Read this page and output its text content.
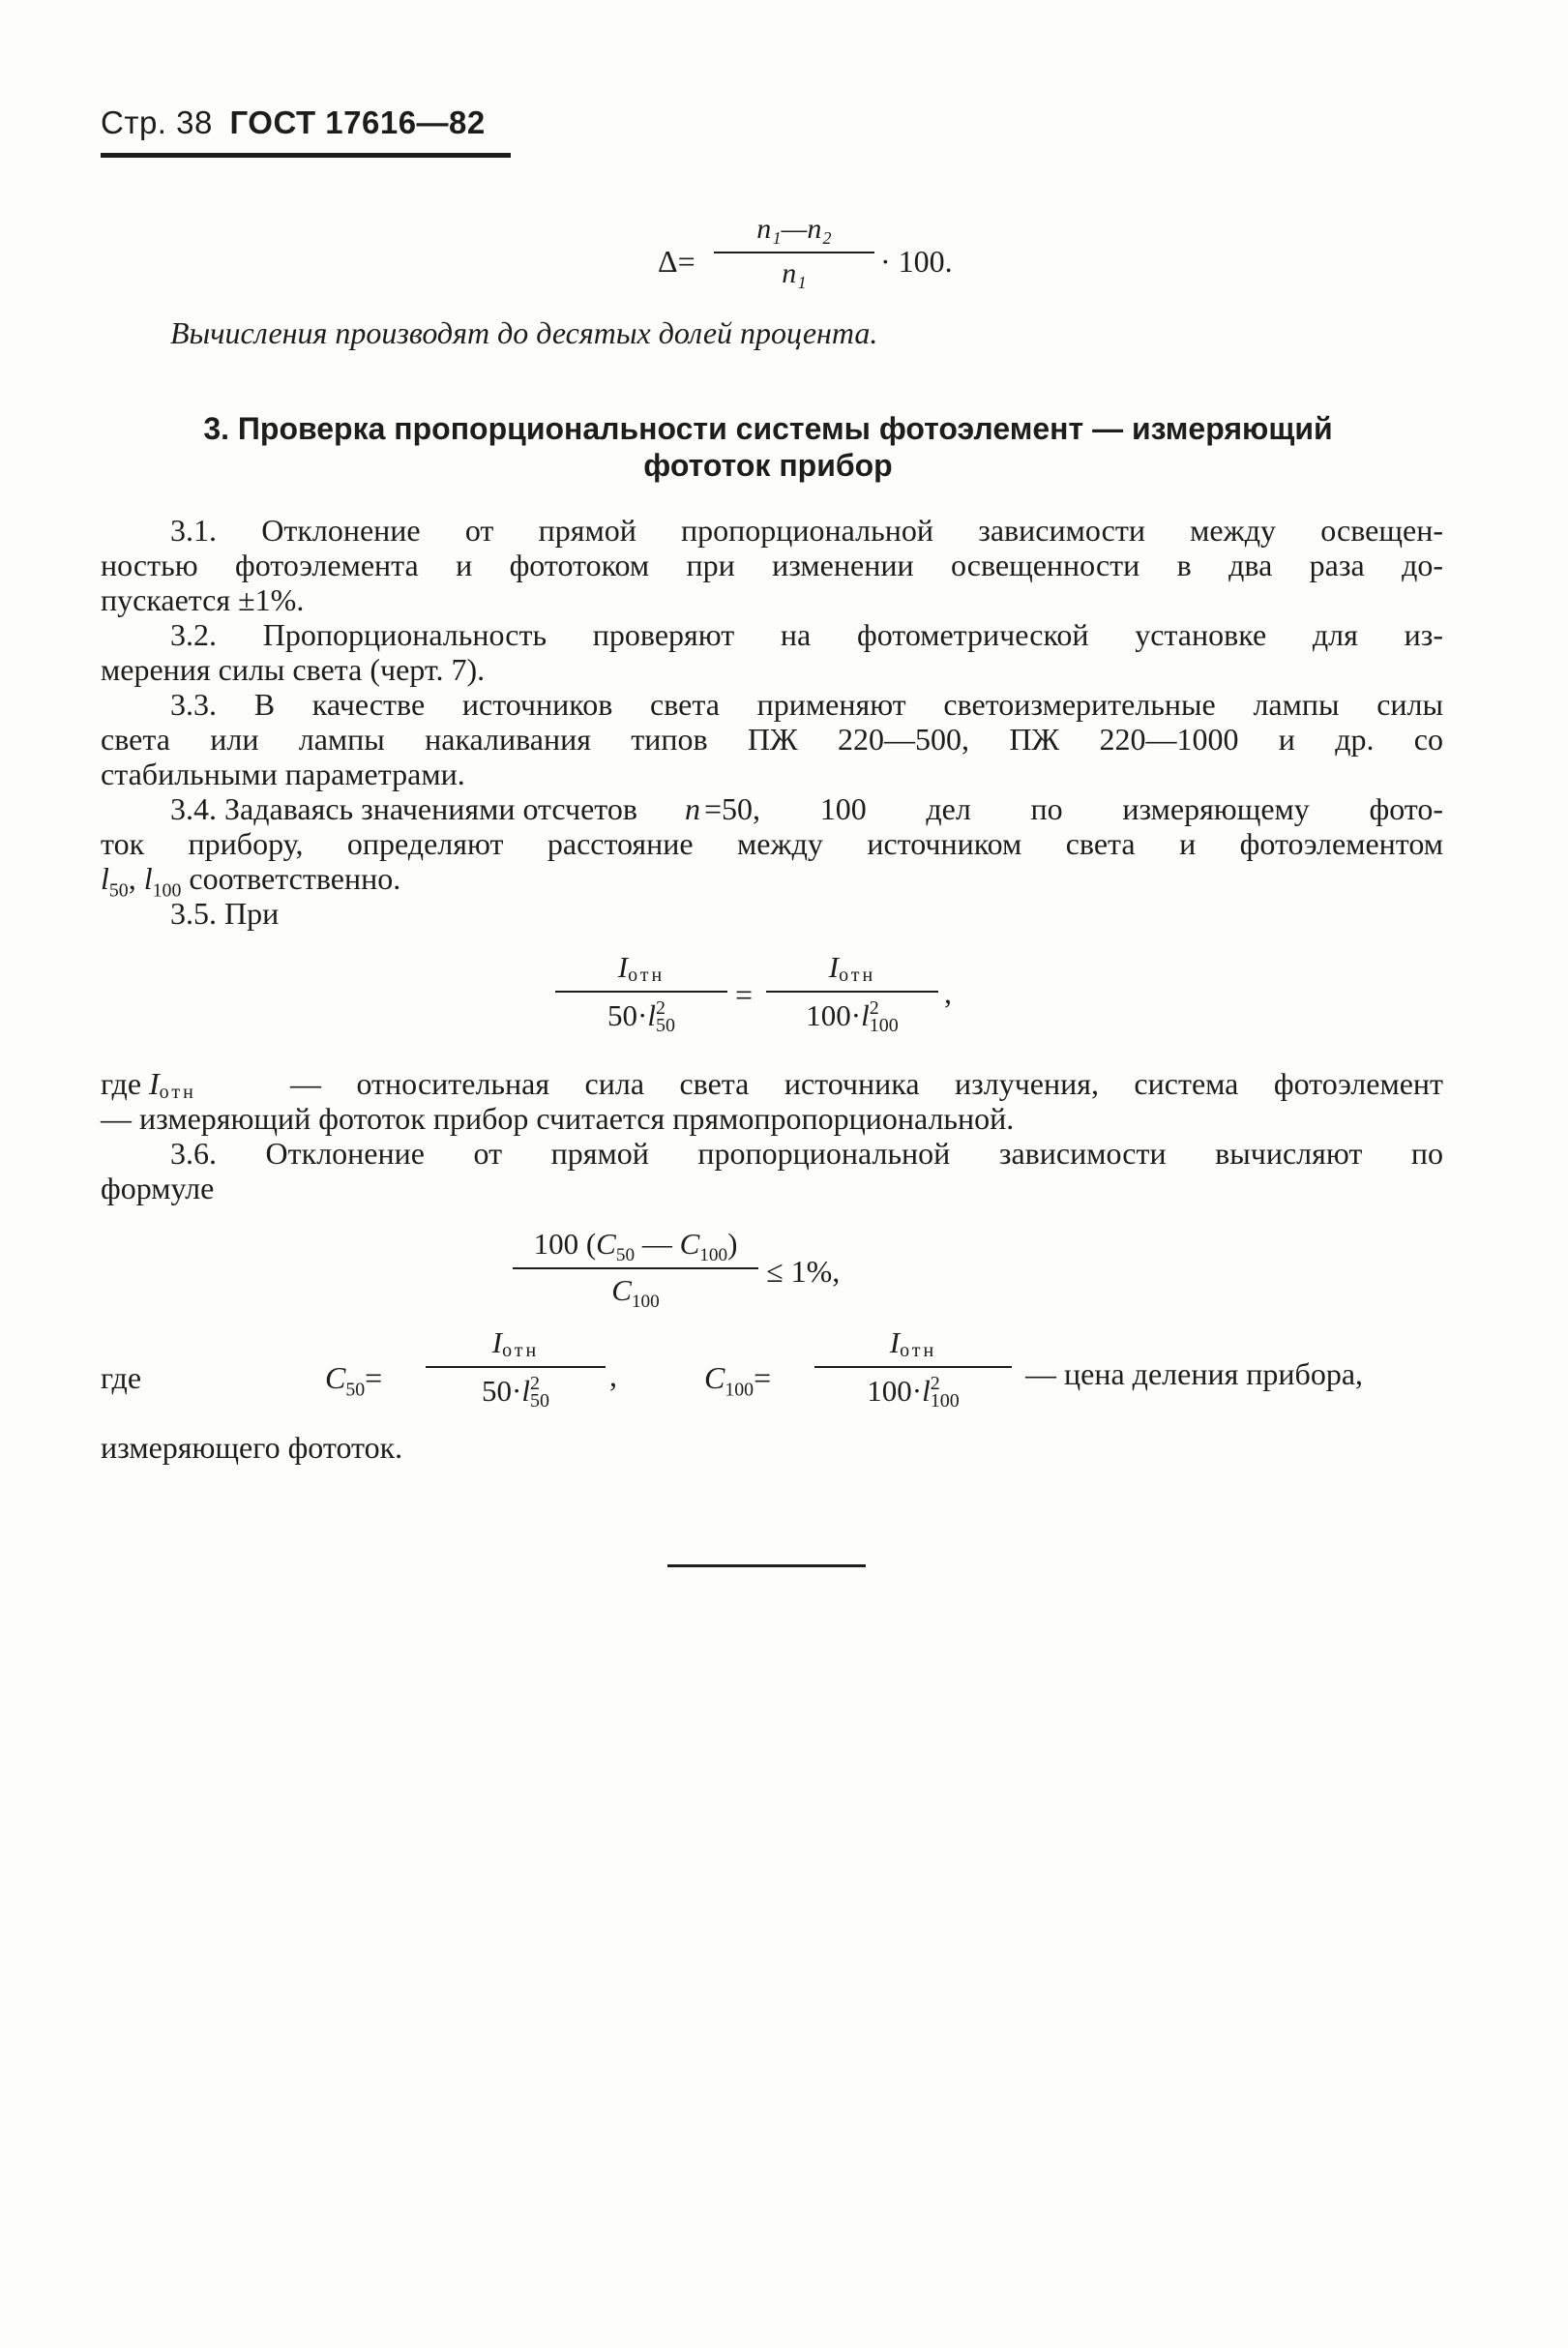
Стр. 38 ГОСТ 17616—82
Δ=
n₁—n₂
n₁	· 100.
Вычисления производят до десятых долей процента.
3. Проверка пропорциональности системы фотоэлемент — измеряющий
фототок прибор
3.1. Отклонение от прямой пропорциональной зависимости между освещен-
ностью фотоэлемента и фототоком при изменении освещенности в два раза до-
пускается ±1%.
3.2. Пропорциональность проверяют на фотометрической установке для из-
мерения силы света (черт. 7).
3.3. В качестве источников света применяют светоизмерительные лампы силы
света или лампы накаливания типов ПЖ 220—500, ПЖ 220—1000 и др. со
стабильными параметрами.
3.4. Задаваясь значениями отсчетов n =50, 100 дел по измеряющему фото-
ток прибору, определяют расстояние между источником света и фотоэлементом
$l_{50}$, $l_{100}$ соответственно.
3.5. При
Iотн
50·l 2
50
=
Iотн
100·l 2
100
,
где Iотн	— относительная сила света источника излучения, система фотоэлемент
— измеряющий фототок прибор считается прямопропорциональной.
3.6. Отклонение от прямой пропорциональной зависимости вычисляют по
формуле
100 ($C_{50}$ — $C_{100}$)
$C_{100}$
≤ 1%,
где	$C_{50}=$
Iотн
50·l 2
50
,	$C_{100}=$
Iотн
100·l 2
100
— цена деления прибора,
измеряющего фототок.
